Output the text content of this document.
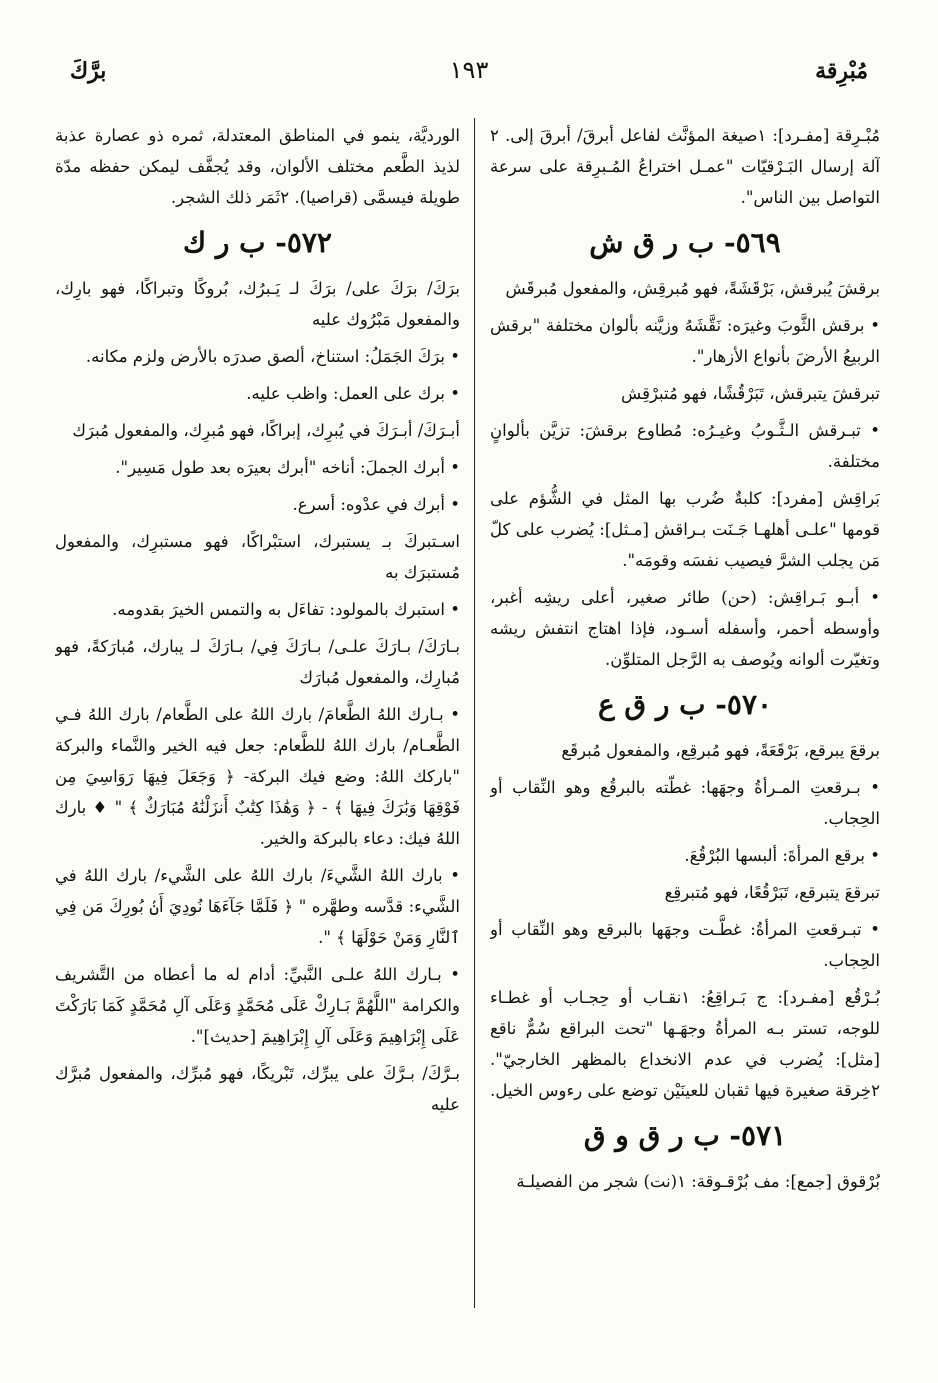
مُبْرِقة
١٩٣
برَّكَ
مُبْـرِقة [مفـرد]: ١صيغة المؤنَّث لفاعل أبرقَ/ أبرقَ إلى. ٢ آلة إرسال البَـرْقيّات "عمـل اختراعُ المُـبرِقة على سرعة التواصل بين الناس".
٥٦٩- ب ر ق ش
برقشَ يُبرقش، بَرْقَشَةً، فهو مُبرقِش، والمفعول مُبرقَش
• برقش الثَّوبَ وغيرَه: نَقَّشَهُ وزيَّنه بألوان مختلفة "برقش الربيعُ الأرضَ بأنواع الأزهار".
تبرقشَ يتبرقش، تَبَرْقُشًا، فهو مُتبرْقِش
• تبـرقش الـثَّـوبُ وغيـرُه: مُطاوع برقشَ: تزيَّن بألوانٍ مختلفة.
بَراقِش [مفرد]: كلبةٌ ضُرب بها المثل في الشُّؤم على قومها "علـى أهلهـا جَـنَت بـراقش [مـثل]: يُضرب على كلّ مَن يجلب الشرَّ فيصيب نفسَه وقومَه".
• أبـو بَـراقِش: (حن) طائر صغير، أعلى ريشِه أغبر، وأوسطه أحمر، وأسفله أسـود، فإذا اهتاج انتفش ريشه وتغيّرت ألوانه ويُوصف به الرَّجل المتلوِّن.
٥٧٠- ب ر ق ع
برقعَ يبرقع، بَرْقَعَةً، فهو مُبرقِع، والمفعول مُبرقَع
• بـرقعتِ المـرأةُ وجهَها: غطّته بالبرقُع وهو النِّقاب أو الحِجاب.
• برقع المرأةَ: ألبسها البُرْقُعَ.
تبرقعَ يتبرقع، تَبَرْقُعًا، فهو مُتبرقِع
• تبـرقعتِ المرأةُ: غطَّـت وجهَها بالبرقع وهو النِّقاب أو الحِجاب.
بُـرْقُع [مفـرد]: ج بَـراقِعُ: ١نقـاب أو حِجـاب أو غطـاء للوجه، تستر بـه المرأةُ وجهَـها "تحت البراقع سُمٌّ ناقع [مثل]: يُضرب في عدم الانخداع بالمظهر الخارجيّ". ٢خِرقة صغيرة فيها ثقبان للعينَيْن توضع على رءوس الخيل.
٥٧١- ب ر ق و ق
بُرْقوق [جمع]: مف بُرْقـوقة: ١(نت) شجر من الفصيلـة
الورديَّة، ينمو في المناطق المعتدلة، ثمره ذو عصارة عذبة لذيذ الطَّعم مختلف الألوان، وقد يُجفَّف ليمكن حفظه مدّة طويلة فيسمَّى (قراصيا). ٢ثَمَر ذلك الشجر.
٥٧٢- ب ر ك
برَكَ/ برَكَ على/ برَكَ لـ يَـبرُك، بُروكًا وتبراكًا، فهو بارِك، والمفعول مَبْرُوك عليه
• برَكَ الجَمَلُ: استناخ، ألصق صدرَه بالأرض ولزم مكانه.
• برك على العمل: واظب عليه.
أبـرَكَ/ أبـرَكَ في يُبرِك، إبراكًا، فهو مُبرِك، والمفعول مُبرَك
• أبرك الجملَ: أناخه "أبرك بعيرَه بعد طول مَسِير".
• أبرك في عدْوه: أسرع.
اسـتبركَ بـ يستبرك، استبْراكًا، فهو مستبرِك، والمفعول مُستبرَك به
• استبرك بالمولود: تفاءَل به والتمس الخيرَ بقدومه.
بـارَكَ/ بـارَكَ علـى/ بـارَكَ فِي/ بـارَكَ لـ يبارك، مُبارَكةً، فهو مُبارِك، والمفعول مُبارَك
• بـارك اللهُ الطَّعامَ/ بارك اللهُ على الطَّعام/ بارك اللهُ فـي الطَّعـام/ بارك اللهُ للطَّعام: جعل فيه الخير والنَّماء والبركة "باركك اللهُ: وضع فيك البركة- ﴿ وَجَعَلَ فِيهَا رَوَاسِيَ مِن فَوْقِهَا وَبَٰرَكَ فِيهَا ﴾ - ﴿ وَهَٰذَا كِتَٰبٌ أَنزَلْنَٰهُ مُبَارَكٌ ﴾ " ♦ بارك اللهُ فيك: دعاء بالبركة والخير.
• بارك اللهُ الشَّيءَ/ بارك اللهُ على الشَّيء/ بارك اللهُ في الشَّيء: قدَّسه وطهَّره " ﴿ فَلَمَّا جَآءَهَا نُودِيَ أَنۢ بُورِكَ مَن فِي ٱلنَّارِ وَمَنْ حَوْلَهَا ﴾ ".
• بـارك اللهُ علـى النَّبيِّ: أدام له ما أعطاه من التَّشريف والكرامة "اللَّهُمَّ بَـارِكْ عَلَى مُحَمَّدٍ وَعَلَى آلِ مُحَمَّدٍ كَمَا بَارَكْتَ عَلَى إِبْرَاهِيمَ وَعَلَى آلِ إِبْرَاهِيمَ [حديث]".
بـرَّكَ/ بـرَّكَ على يبرِّك، تَبْريكًا، فهو مُبرِّك، والمفعول مُبرَّك عليه
